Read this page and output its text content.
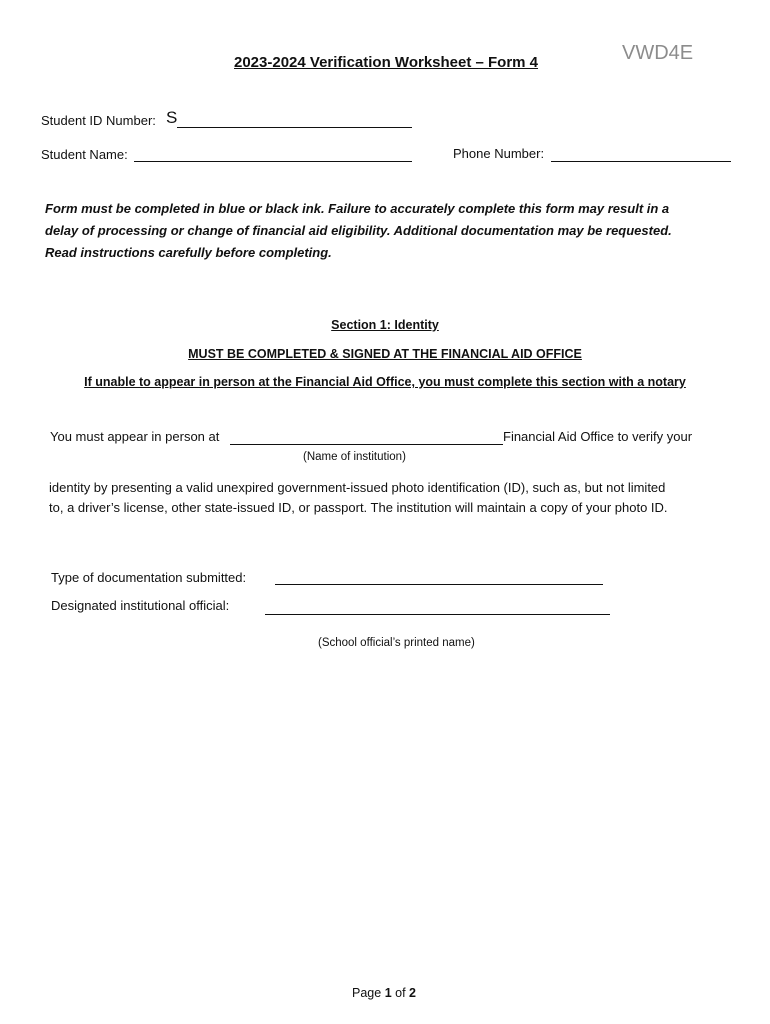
2023-2024 Verification Worksheet – Form 4	VWD4E
Student ID Number: S
Student Name:	Phone Number:
Form must be completed in blue or black ink. Failure to accurately complete this form may result in a delay of processing or change of financial aid eligibility. Additional documentation may be requested. Read instructions carefully before completing.
Section 1: Identity
MUST BE COMPLETED & SIGNED AT THE FINANCIAL AID OFFICE
If unable to appear in person at the Financial Aid Office, you must complete this section with a notary
You must appear in person at	Financial Aid Office to verify your
(Name of institution)
identity by presenting a valid unexpired government-issued photo identification (ID), such as, but not limited
to, a driver’s license, other state-issued ID, or passport. The institution will maintain a copy of your photo ID.
Type of documentation submitted:
Designated institutional official:
(School official’s printed name)
Page 1 of 2
